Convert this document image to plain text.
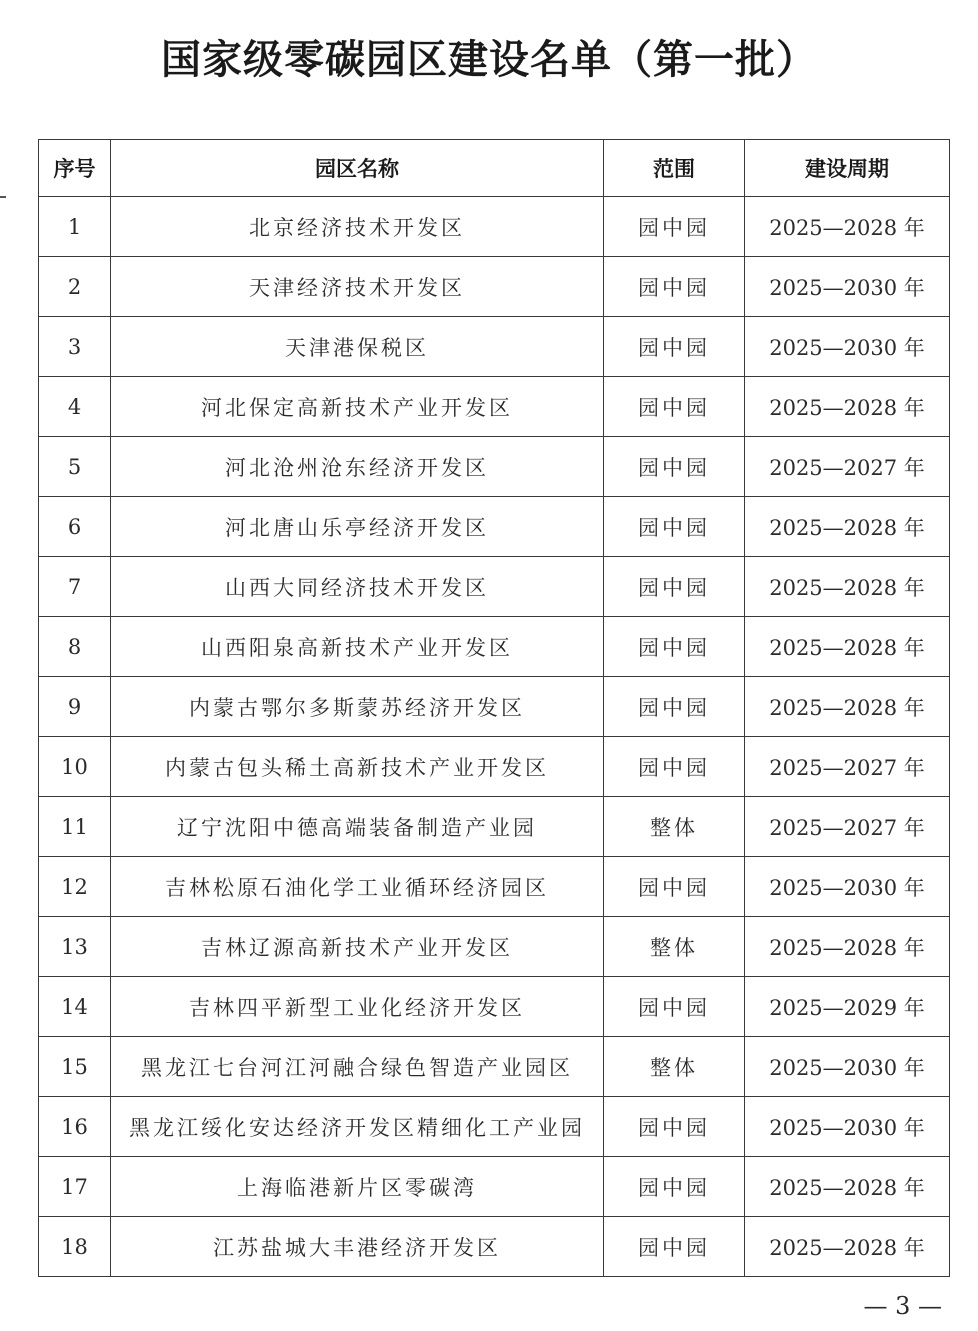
国家级零碳园区建设名单（第一批）
序号	园区名称	范围	建设周期
1	北京经济技术开发区	园中园	2025—2028 年
2	天津经济技术开发区	园中园	2025—2030 年
3	天津港保税区	园中园	2025—2030 年
4	河北保定高新技术产业开发区	园中园	2025—2028 年
5	河北沧州沧东经济开发区	园中园	2025—2027 年
6	河北唐山乐亭经济开发区	园中园	2025—2028 年
7	山西大同经济技术开发区	园中园	2025—2028 年
8	山西阳泉高新技术产业开发区	园中园	2025—2028 年
9	内蒙古鄂尔多斯蒙苏经济开发区	园中园	2025—2028 年
10	内蒙古包头稀土高新技术产业开发区	园中园	2025—2027 年
11	辽宁沈阳中德高端装备制造产业园	整体	2025—2027 年
12	吉林松原石油化学工业循环经济园区	园中园	2025—2030 年
13	吉林辽源高新技术产业开发区	整体	2025—2028 年
14	吉林四平新型工业化经济开发区	园中园	2025—2029 年
15	黑龙江七台河江河融合绿色智造产业园区	整体	2025—2030 年
16	黑龙江绥化安达经济开发区精细化工产业园	园中园	2025—2030 年
17	上海临港新片区零碳湾	园中园	2025—2028 年
18	江苏盐城大丰港经济开发区	园中园	2025—2028 年
— 3 —
